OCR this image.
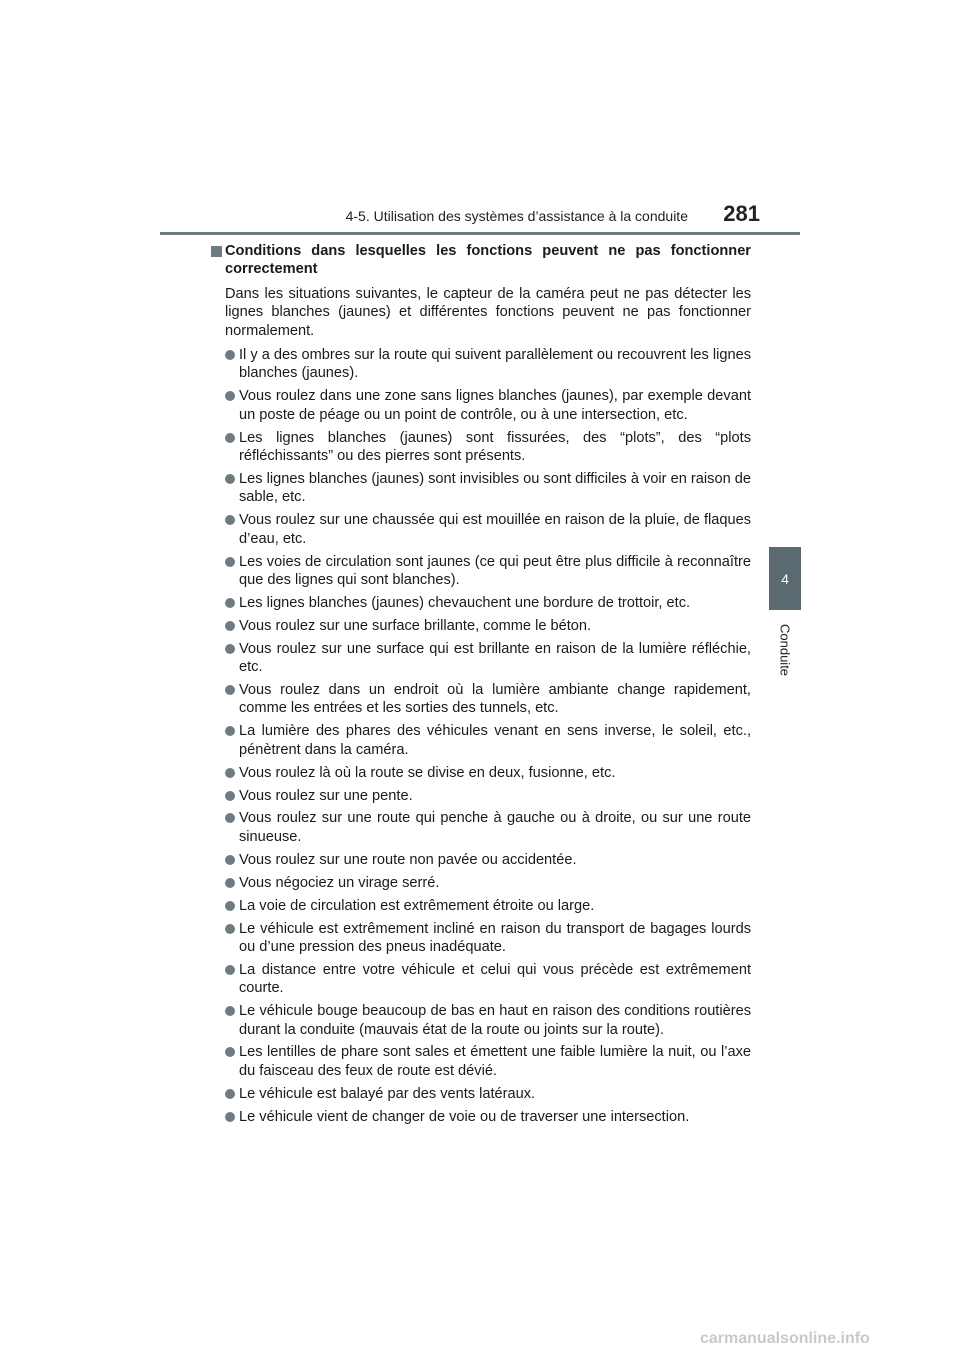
4-5. Utilisation des systèmes d’assistance à la conduite	281
4
Conduite

Conditions dans lesquelles les fonctions peuvent ne pas fonctionner correctement

Dans les situations suivantes, le capteur de la caméra peut ne pas détecter les lignes blanches (jaunes) et différentes fonctions peuvent ne pas fonctionner normalement.

Il y a des ombres sur la route qui suivent parallèlement ou recouvrent les lignes blanches (jaunes).
Vous roulez dans une zone sans lignes blanches (jaunes), par exemple devant un poste de péage ou un point de contrôle, ou à une intersection, etc.
Les lignes blanches (jaunes) sont fissurées, des “plots”, des “plots réfléchissants” ou des pierres sont présents.
Les lignes blanches (jaunes) sont invisibles ou sont difficiles à voir en raison de sable, etc.
Vous roulez sur une chaussée qui est mouillée en raison de la pluie, de flaques d’eau, etc.
Les voies de circulation sont jaunes (ce qui peut être plus difficile à reconnaître que des lignes qui sont blanches).
Les lignes blanches (jaunes) chevauchent une bordure de trottoir, etc.
Vous roulez sur une surface brillante, comme le béton.
Vous roulez sur une surface qui est brillante en raison de la lumière réfléchie, etc.
Vous roulez dans un endroit où la lumière ambiante change rapidement, comme les entrées et les sorties des tunnels, etc.
La lumière des phares des véhicules venant en sens inverse, le soleil, etc., pénètrent dans la caméra.
Vous roulez là où la route se divise en deux, fusionne, etc.
Vous roulez sur une pente.
Vous roulez sur une route qui penche à gauche ou à droite, ou sur une route sinueuse.
Vous roulez sur une route non pavée ou accidentée.
Vous négociez un virage serré.
La voie de circulation est extrêmement étroite ou large.
Le véhicule est extrêmement incliné en raison du transport de bagages lourds ou d’une pression des pneus inadéquate.
La distance entre votre véhicule et celui qui vous précède est extrêmement courte.
Le véhicule bouge beaucoup de bas en haut en raison des conditions routières durant la conduite (mauvais état de la route ou joints sur la route).
Les lentilles de phare sont sales et émettent une faible lumière la nuit, ou l’axe du faisceau des feux de route est dévié.
Le véhicule est balayé par des vents latéraux.
Le véhicule vient de changer de voie ou de traverser une intersection.
carmanualsonline.info
